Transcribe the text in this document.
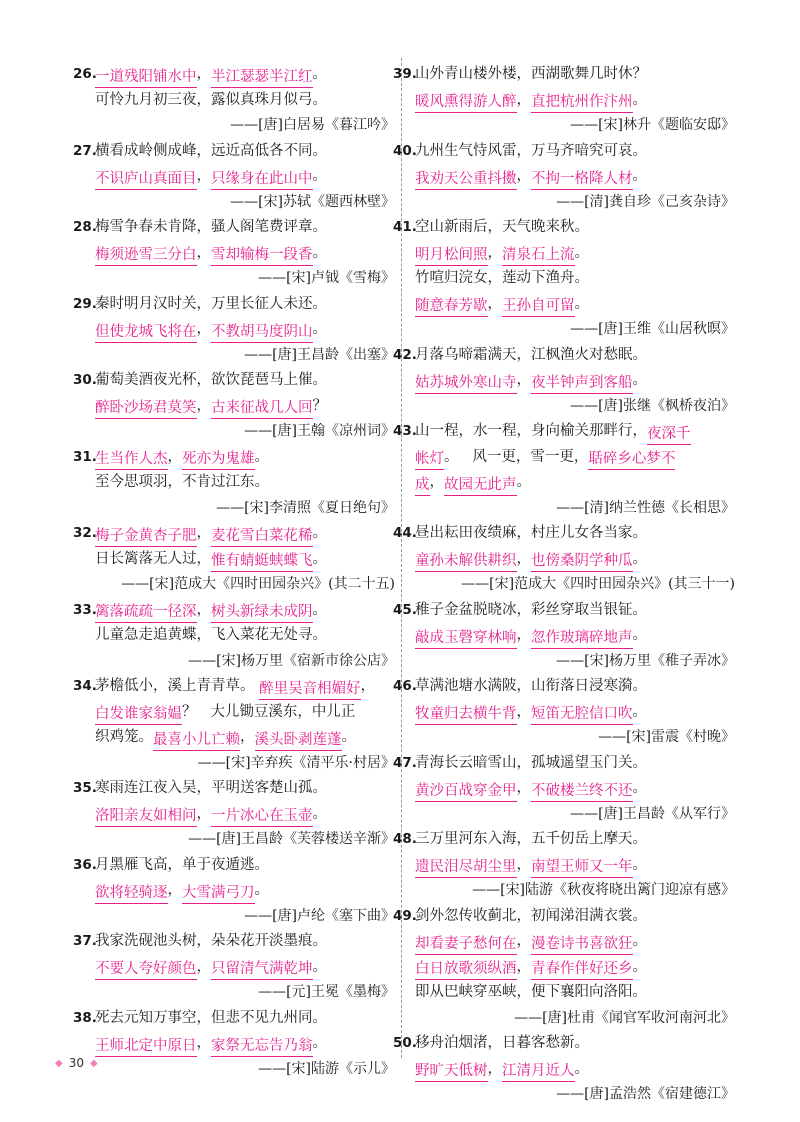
26.
一道残阳铺水中 ， 半江瑟瑟半江红 。
可怜九月初三夜，露似真珠月似弓。
——[唐]白居易《暮江吟》
27.
横看成岭侧成峰，远近高低各不同。
不识庐山真面目 ， 只缘身在此山中 。
——[宋]苏轼《题西林壁》
28.
梅雪争春未肯降，骚人阁笔费评章。
梅须逊雪三分白 ， 雪却输梅一段香 。
——[宋]卢钺《雪梅》
29.
秦时明月汉时关，万里长征人未还。
但使龙城飞将在 ， 不教胡马度阴山 。
——[唐]王昌龄《出塞》
30.
葡萄美酒夜光杯，欲饮琵琶马上催。
醉卧沙场君莫笑 ， 古来征战几人回 ？
——[唐]王翰《凉州词》
31.
生当作人杰 ， 死亦为鬼雄 。
至今思项羽，不肯过江东。
——[宋]李清照《夏日绝句》
32.
梅子金黄杏子肥 ， 麦花雪白菜花稀 。
日长篱落无人过， 惟有蜻蜓蛱蝶飞 。
——[宋]范成大《四时田园杂兴》(其二十五)
33.
篱落疏疏一径深 ， 树头新绿未成阴 。
儿童急走追黄蝶，飞入菜花无处寻。
——[宋]杨万里《宿新市徐公店》
34.
茅檐低小，溪上青青草。 醉里吴音相媚好 ，
白发谁家翁媪 ？   大儿锄豆溪东，中儿正
织鸡笼。 最喜小儿亡赖 ， 溪头卧剥莲蓬 。
——[宋]辛弃疾《清平乐·村居》
35.
寒雨连江夜入吴，平明送客楚山孤。
洛阳亲友如相问 ， 一片冰心在玉壶 。
——[唐]王昌龄《芙蓉楼送辛渐》
36.
月黑雁飞高，单于夜遁逃。
欲将轻骑逐 ， 大雪满弓刀 。
——[唐]卢纶《塞下曲》
37.
我家洗砚池头树，朵朵花开淡墨痕。
不要人夸好颜色 ， 只留清气满乾坤 。
——[元]王冕《墨梅》
38.
死去元知万事空，但悲不见九州同。
王师北定中原日 ， 家祭无忘告乃翁 。
——[宋]陆游《示儿》
39.
山外青山楼外楼，西湖歌舞几时休？
暖风熏得游人醉 ， 直把杭州作汴州 。
——[宋]林升《题临安邸》
40.
九州生气恃风雷，万马齐喑究可哀。
我劝天公重抖擞 ， 不拘一格降人材 。
——[清]龚自珍《己亥杂诗》
41.
空山新雨后，天气晚来秋。
明月松间照 ， 清泉石上流 。
竹喧归浣女，莲动下渔舟。
随意春芳歇 ， 王孙自可留 。
——[唐]王维《山居秋暝》
42.
月落乌啼霜满天，江枫渔火对愁眠。
姑苏城外寒山寺 ， 夜半钟声到客船 。
——[唐]张继《枫桥夜泊》
43.
山一程，水一程，身向榆关那畔行， 夜深千
帐灯 。   风一更，雪一更， 聒碎乡心梦不
成 ， 故园无此声 。
——[清]纳兰性德《长相思》
44.
昼出耘田夜绩麻，村庄儿女各当家。
童孙未解供耕织 ， 也傍桑阴学种瓜 。
——[宋]范成大《四时田园杂兴》(其三十一)
45.
稚子金盆脱晓冰，彩丝穿取当银钲。
敲成玉磬穿林响 ， 忽作玻璃碎地声 。
——[宋]杨万里《稚子弄冰》
46.
草满池塘水满陂，山衔落日浸寒漪。
牧童归去横牛背 ， 短笛无腔信口吹 。
——[宋]雷震《村晚》
47.
青海长云暗雪山，孤城遥望玉门关。
黄沙百战穿金甲 ， 不破楼兰终不还 。
——[唐]王昌龄《从军行》
48.
三万里河东入海，五千仞岳上摩天。
遗民泪尽胡尘里 ， 南望王师又一年 。
——[宋]陆游《秋夜将晓出篱门迎凉有感》
49.
剑外忽传收蓟北，初闻涕泪满衣裳。
却看妻子愁何在 ， 漫卷诗书喜欲狂 。
白日放歌须纵酒 ， 青春作伴好还乡 。
即从巴峡穿巫峡，便下襄阳向洛阳。
——[唐]杜甫《闻官军收河南河北》
50.
移舟泊烟渚，日暮客愁新。
野旷天低树 ， 江清月近人 。
——[唐]孟浩然《宿建德江》
◆ 30 ◆
